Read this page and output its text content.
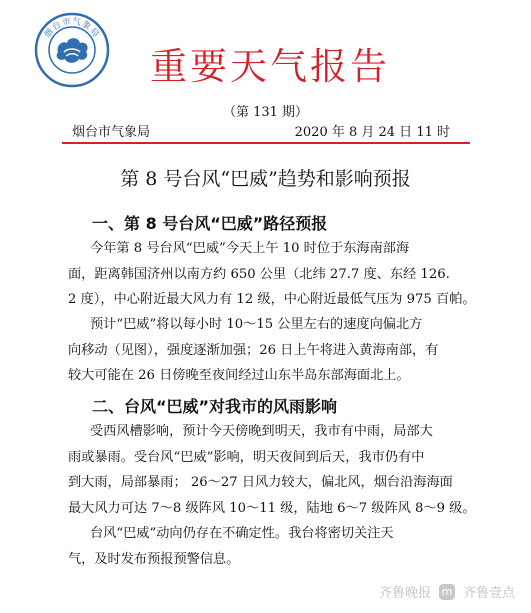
烟台市气象局
重要天气报告
（第 131 期）
烟台市气象局	2020 年 8 月 24 日 11 时
第 8 号台风“巴威”趋势和影响预报
一、第 8 号台风“巴威”路径预报
今年第 8 号台风“巴威”今天上午 10 时位于东海南部海
面，距离韩国济州以南方约 650 公里（北纬 27.7 度、东经 126.
2 度），中心附近最大风力有 12 级，中心附近最低气压为 975 百帕。
预计“巴威”将以每小时 10～15 公里左右的速度向偏北方
向移动（见图），强度逐渐加强；26 日上午将进入黄海南部，有
较大可能在 26 日傍晚至夜间经过山东半岛东部海面北上。
二、台风“巴威”对我市的风雨影响
受西风槽影响，预计今天傍晚到明天，我市有中雨，局部大
雨或暴雨。受台风“巴威”影响，明天夜间到后天，我市仍有中
到大雨，局部暴雨； 26～27 日风力较大，偏北风，烟台沿海海面
最大风力可达 7～8 级阵风 10～11 级，陆地 6～7 级阵风 8～9 级。
台风“巴威”动向仍存在不确定性。我台将密切关注天
气，及时发布预报预警信息。
齐鲁晚报 m 齐鲁壹点
